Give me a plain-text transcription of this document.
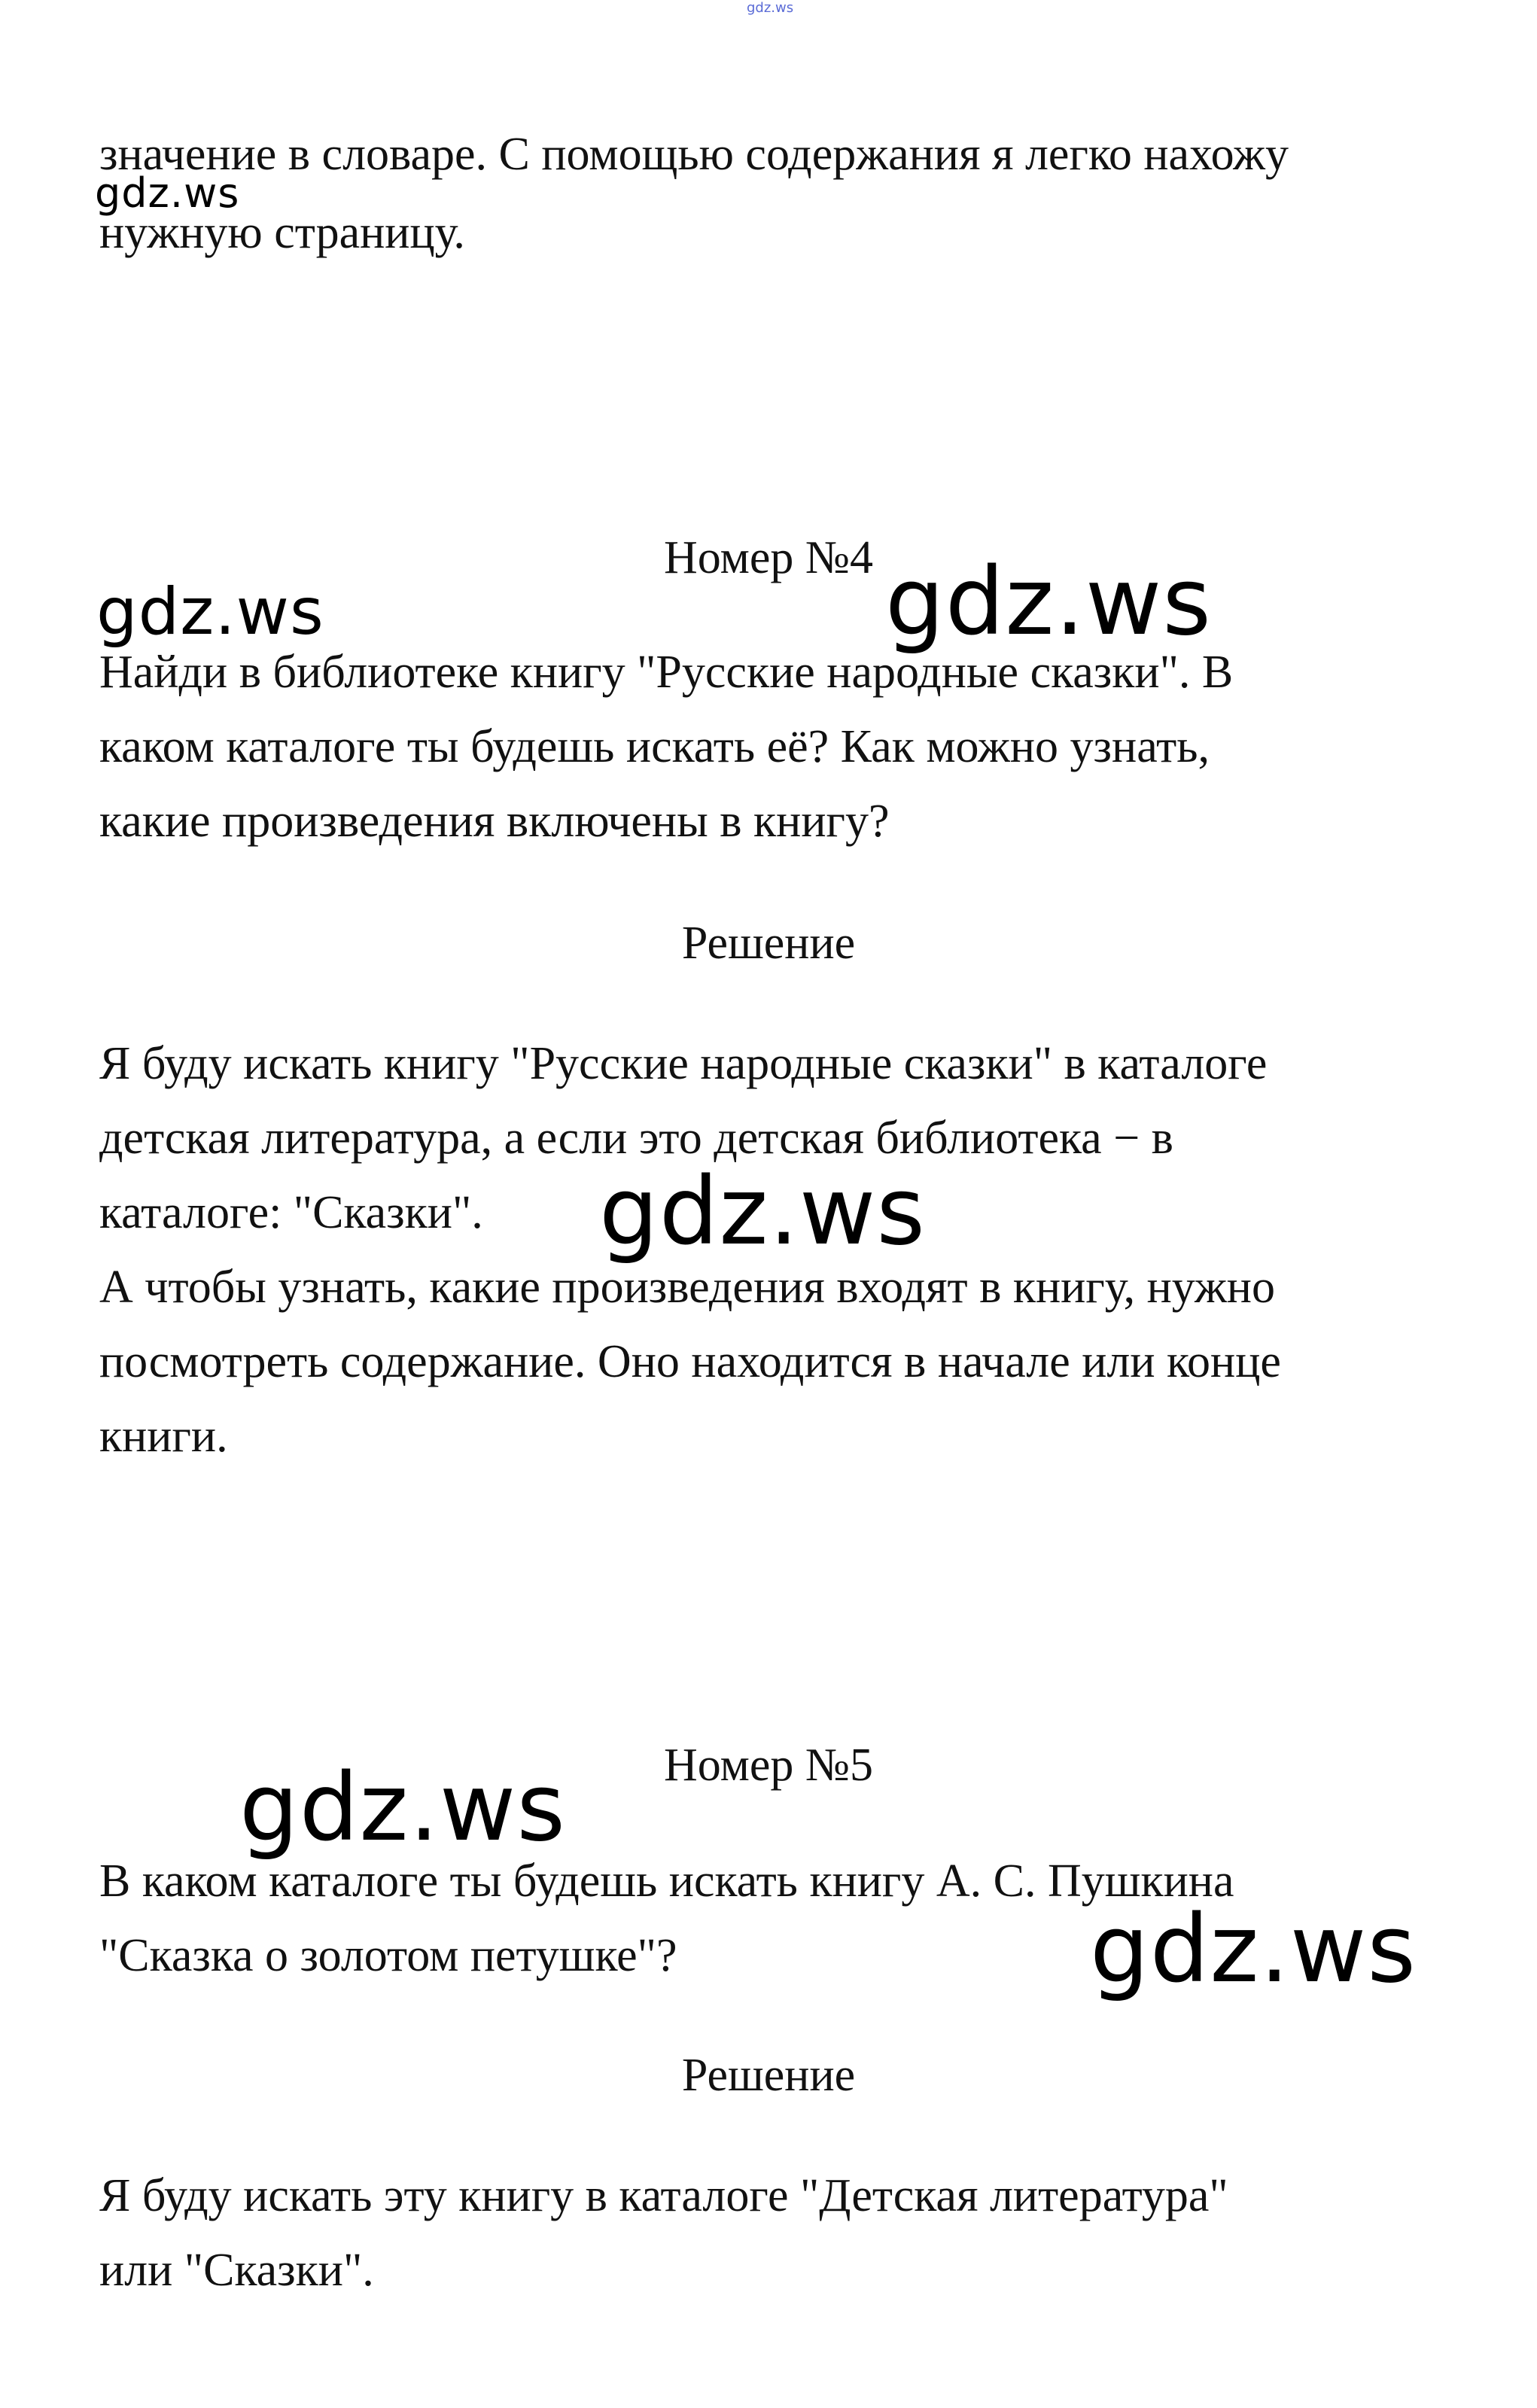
gdz.ws

значение в словаре. С помощью содержания я легко нахожу

нужную страницу.

gdz.ws
Номер №4
gdz.ws	gdz.ws

Найди в библиотеке книгу "Русские народные сказки". В

каком каталоге ты будешь искать её? Как можно узнать,

какие произведения включены в книгу?

Решение

Я буду искать книгу "Русские народные сказки" в каталоге

детская литература, а если это детская библиотека − в

каталоге: "Сказки". gdz.ws

А чтобы узнать, какие произведения входят в книгу, нужно

посмотреть содержание. Оно находится в начале или конце

книги.

Номер №5
gdz.ws

В каком каталоге ты будешь искать книгу А. С. Пушкина

"Сказка о золотом петушке"?	gdz.ws
Решение

Я буду искать эту книгу в каталоге "Детская литература"

или "Сказки".
